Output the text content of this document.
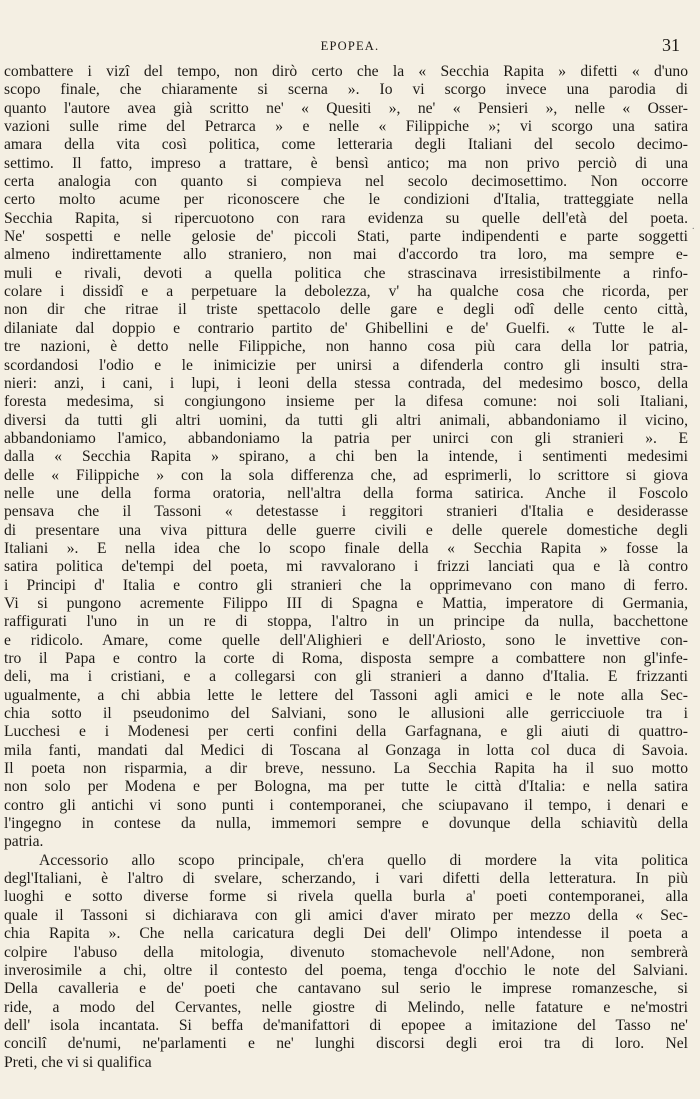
EPOPEA.	31
combattere i vizî del tempo, non dirò certo che la « Secchia Rapita » difetti « d'uno
scopo finale, che chiaramente si scerna ». Io vi scorgo invece una parodia di
quanto l'autore avea già scritto ne' « Quesiti », ne' « Pensieri », nelle « Osser-
vazioni sulle rime del Petrarca » e nelle « Filippiche »; vi scorgo una satira
amara della vita così politica, come letteraria degli Italiani del secolo decimo-
settimo. Il fatto, impreso a trattare, è bensì antico; ma non privo perciò di una
certa analogia con quanto si compieva nel secolo decimosettimo. Non occorre
certo molto acume per riconoscere che le condizioni d'Italia, tratteggiate nella
Secchia Rapita, si ripercuotono con rara evidenza su quelle dell'età del poeta.
Ne' sospetti e nelle gelosie de' piccoli Stati, parte indipendenti e parte soggetti
almeno indirettamente allo straniero, non mai d'accordo tra loro, ma sempre e-
muli e rivali, devoti a quella politica che strascinava irresistibilmente a rinfo-
colare i dissidî e a perpetuare la debolezza, v' ha qualche cosa che ricorda, per
non dir che ritrae il triste spettacolo delle gare e degli odî delle cento città,
dilaniate dal doppio e contrario partito de' Ghibellini e de' Guelfi. « Tutte le al-
tre nazioni, è detto nelle Filippiche, non hanno cosa più cara della lor patria,
scordandosi l'odio e le inimicizie per unirsi a difenderla contro gli insulti stra-
nieri: anzi, i cani, i lupi, i leoni della stessa contrada, del medesimo bosco, della
foresta medesima, si congiungono insieme per la difesa comune: noi soli Italiani,
diversi da tutti gli altri uomini, da tutti gli altri animali, abbandoniamo il vicino,
abbandoniamo l'amico, abbandoniamo la patria per unirci con gli stranieri ». E
dalla « Secchia Rapita » spirano, a chi ben la intende, i sentimenti medesimi
delle « Filippiche » con la sola differenza che, ad esprimerli, lo scrittore si giova
nelle une della forma oratoria, nell'altra della forma satirica. Anche il Foscolo
pensava che il Tassoni « detestasse i reggitori stranieri d'Italia e desiderasse
di presentare una viva pittura delle guerre civili e delle querele domestiche degli
Italiani ». E nella idea che lo scopo finale della « Secchia Rapita » fosse la
satira politica de'tempi del poeta, mi ravvalorano i frizzi lanciati qua e là contro
i Principi d' Italia e contro gli stranieri che la opprimevano con mano di ferro.
Vi si pungono acremente Filippo III di Spagna e Mattia, imperatore di Germania,
raffigurati l'uno in un re di stoppa, l'altro in un principe da nulla, bacchettone
e ridicolo. Amare, come quelle dell'Alighieri e dell'Ariosto, sono le invettive con-
tro il Papa e contro la corte di Roma, disposta sempre a combattere non gl'infe-
deli, ma i cristiani, e a collegarsi con gli stranieri a danno d'Italia. E frizzanti
ugualmente, a chi abbia lette le lettere del Tassoni agli amici e le note alla Sec-
chia sotto il pseudonimo del Salviani, sono le allusioni alle gerricciuole tra i
Lucchesi e i Modenesi per certi confini della Garfagnana, e gli aiuti di quattro-
mila fanti, mandati dal Medici di Toscana al Gonzaga in lotta col duca di Savoia.
Il poeta non risparmia, a dir breve, nessuno. La Secchia Rapita ha il suo motto
non solo per Modena e per Bologna, ma per tutte le città d'Italia: e nella satira
contro gli antichi vi sono punti i contemporanei, che sciupavano il tempo, i denari e
l'ingegno in contese da nulla, immemori sempre e dovunque della schiavitù della
patria.
Accessorio allo scopo principale, ch'era quello di mordere la vita politica
degl'Italiani, è l'altro di svelare, scherzando, i vari difetti della letteratura. In più
luoghi e sotto diverse forme si rivela quella burla a' poeti contemporanei, alla
quale il Tassoni si dichiarava con gli amici d'aver mirato per mezzo della « Sec-
chia Rapita ». Che nella caricatura degli Dei dell' Olimpo intendesse il poeta a
colpire l'abuso della mitologia, divenuto stomachevole nell'Adone, non sembrerà
inverosimile a chi, oltre il contesto del poema, tenga d'occhio le note del Salviani.
Della cavalleria e de' poeti che cantavano sul serio le imprese romanzesche, si
ride, a modo del Cervantes, nelle giostre di Melindo, nelle fatature e ne'mostri
dell' isola incantata. Si beffa de'manifattori di epopee a imitazione del Tasso ne'
concilî de'numi, ne'parlamenti e ne' lunghi discorsi degli eroi tra di loro. Nel
Preti, che vi si qualifica
.
